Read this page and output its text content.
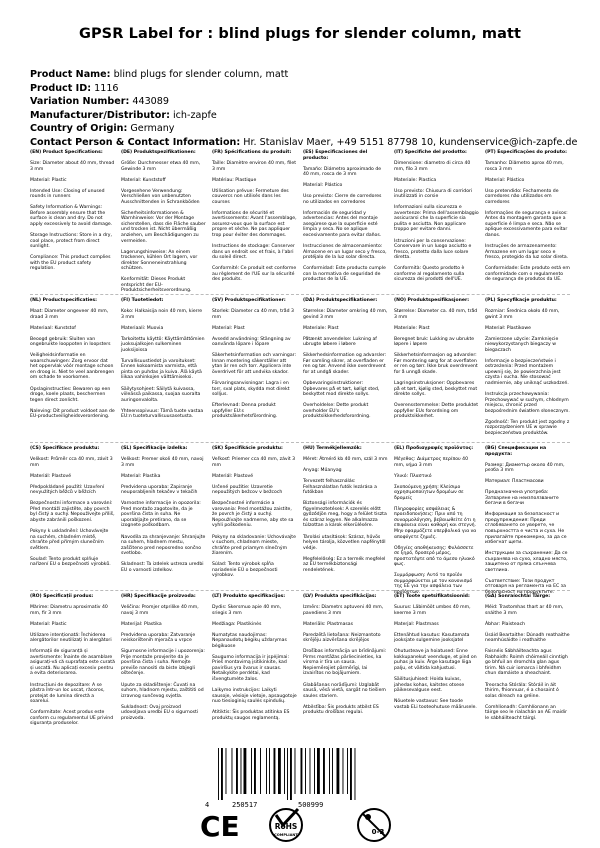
GPSR Label for : blind plugs for slender column, matt
Product Name: blind plugs for slender column, matt
Product ID: 1116
Variation Number: 443089
Manufacturer/Distributor: ich-zapfe
Country of Origin: Germany
Contact Person & Contact Information: Hr. Stanislav Maer, +49 5151 87798 10, kundenservice@ich-zapfe.de
(EN) Product Specifications:

Size: Diameter about 40 mm, thread 3 mm

Material: Plastic

Intended Use: Closing of unused rounds in runners

Safety Information & Warnings: Before assembly ensure that the surface is clean and dry. Do not apply excessively to avoid damage.

Storage Instructions: Store in a dry, cool place, protect from direct sunlight.

Compliance: This product complies with the EU product safety regulation.

(DE) Produktspezifikationen:

Größe: Durchmesser etwa 40 mm, Gewinde 3 mm

Material: Kunststoff

Vorgesehene Verwendung: Verschließen von unbenutzten Ausschnittenden in Schrankböden

Sicherheitsinformationen & Warnhinweise: Vor der Montage sicherstellen, dass die Fläche sauber und trocken ist. Nicht übermäßig anziehen, um Beschädigungen zu vermeiden.

Lagerungshinweise: An einem trockenen, kühlen Ort lagern, vor direkter Sonneneinstrahlung schützen.

Konformität: Dieses Produkt entspricht der EU-Produktsicherheitsverordnung.

(FR) Spécifications du produit:

Taille: Diamètre environ 40 mm, filet 3 mm

Matériau: Plastique

Utilisation prévue: Fermeture des couvercs non utilisés dans les courses

Informations de sécurité et avertissements: Avant l'assemblage, assurez-vous que la surface est propre et sèche. Ne pas appliquer trop pour éviter des dommages.

Instructions de stockage: Conserver dans un endroit sec et frais, à l'abri du soleil direct.

Conformité: Ce produit est conforme au règlement de l'UE sur la sécurité des produits.

(ES) Especificaciones del producto:

Tamaño: Diámetro aproximado de 40 mm, rosca de 3 mm

Material: Plástico

Uso previsto: Cierre de corredores no utilizados en corredores

Información de seguridad y advertencias: Antes del montaje asegúrese que la superficie esté limpia y seca. No se aplique excesivamente para evitar daños.

Instrucciones de almacenamiento: Almacene en un lugar seco y fresco, protéjalo de la luz solar directa.

Conformidad: Este producto cumple con la normativa de seguridad de productos de la UE.

(IT) Specifiche del prodotto:

Dimensione: diametro di circa 40 mm, filo 3 mm

Materiale: Plastica

Uso previsto: Chiusura di corridori inutilizzati in corsie

Informazioni sulla sicurezza e avvertenze: Prima dell'assemblaggio assicurarsi che la superficie sia pulita e asciutta. Non applicare troppo per evitare danni.

Istruzioni per la conservazione: Conservare in un luogo asciutto e fresco, protetto dalla luce solare diretta.

Conformità: Questo prodotto è conforme al regolamento sulla sicurezza dei prodotti dell'UE.

(PT) Especificações do produto:

Tamanho: Diâmetro aprox 40 mm, rosca 3 mm

Material: Plástico

Uso pretendido: Fechamento de corredores não utilizados em corredores

Informações de segurança e avisos: Antes da montagem garanta que a superfície é limpa e seca. Não se aplique excessivamente para evitar danos.

Instruções de armazenamento: Armazene em um lugar seco e fresco, protegido da luz solar direta.

Conformidade: Este produto está em conformidade com o regulamento de segurança de produtos da UE.

(NL) Productspecificaties:

Maat: Diameter ongeveer 40 mm, draad 3 mm

Materiaal: Kunststof

Beoogd gebruik: Sluiten van ongebruikte looppoten in loopsters

Veiligheidsinformatie en waarschuwingen: Zorg ervoor dat het oppervlak vóór montage schoon en droog is. Niet te veel aanbrengen om schade te voorkomen.

Opslaginstructies: Bewaren op een droge, koele plaats, beschermen tegen direct zonlicht.

Naleving: Dit product voldoet aan de EU-productveiligheidsverordening.

(FI) Tuotetiedot:

Koko: Halkaisija noin 40 mm, kierre 3 mm

Materiaali: Muovia

Tarkoitettu käyttö: Käyttämättömien juoksujalkojen sulkeminen juoksijoissa

Turvallisuustiedot ja varoitukset: Ennen kokoamista varmista, että pinta on puhdas ja kuiva. Älä käytä liikaa vahinkojen välttämiseksi.

Säilytysohjeet: Säilytä kuivassa, viileässä paikassa, suojaa suoralta auringonvalolta.

Yhteensopivuus: Tämä tuote vastaa EU:n tuoteturvallisuusasetusta.

(SV) Produktspecifikationer:

Storlek: Diameter ca 40 mm, tråd 3 mm

Material: Plast

Avsedd användning: Stängning av oanvända löpare i löpare

Säkerhetsinformation och varningar: Innan montering säkerställer att ytan är ren och torr. Applicera inte överdrivet för att undvika skador.

Förvaringsanvisningar: Lagra i en torr, sval plats, skydda mot direkt solljus.

Efterlevnad: Denna produkt uppfyller EU:s produktsäkerhetsförordning.

(DA) Produktspecifikationer:

Størrelse: Diameter omkring 40 mm, gevind 3 mm

Materiale: Plast

Påtænkt anvendelse: Lukning af ubrugte løbere i løbere

Sikkerhedsinformation og advarsler: Før samling sikrer, at overfladen er ren og tør. Anvend ikke overdrevent for at undgå skader.

Opbevaringsinstruktioner: Opbevares på et tørt, køligt sted, beskyttet mod direkte sollys.

Overholdelse: Dette produkt overholder EU's produktsikkerhedsforordning.

(NO) Produktspesifikasjoner:

Størrelse: Diameter ca. 40 mm, tråd 3 mm

Materiale: Plast

Beregnet bruk: Lukking av ubrukte løpere i løpere

Sikkerhetsinformasjon og advarsler: Før montering sørg for at overflaten er ren og tørr. Ikke bruk overdrevent for å unngå skade.

Lagringsinstruksjoner: Oppbevares på et tørt, kjølig sted, beskyttet mot direkte sollys.

Overensstemmelse: Dette produktet oppfyller EUs forordning om produktsikkerhet.

(PL) Specyfikacje produktu:

Rozmiar: Średnica około 40 mm, gwint 3 mm

Materiał: Plastikowe

Zamierzone użycie: Zamknięcie niewykorzystanych biegaczy w biegaczach

Informacje o bezpieczeństwie i ostrzeżenia: Przed montażem upewnij się, że powierzchnia jest czysta i sucha. Nie stosować nadmiernie, aby uniknąć uszkodzeń.

Instrukcja przechowywania: Przechowywać w suchym, chłodnym miejscu, chronić przed bezpośrednim światłem słonecznym.

Zgodność: Ten produkt jest zgodny z rozporządzeniem UE w sprawie bezpieczeństwa produktów.

(CS) Specifikace produktu:

Velikost: Průměr cca 40 mm, závit 3 mm

Materiál: Plastové

Předpokládané použití: Uzavření nevyužitých běžců v běžcích

Bezpečnostní informace a varování: Před montáží zajistěte, aby povrch byl čistý a suchý. Nepoužívejte příliš, abyste zabránili poškození.

Pokyny k uskladnění: Uchovávejte na suchém, chladném místě, chraňte před přímým slunečním světlem.

Soulad: Tento produkt splňuje nařízení EU o bezpečnosti výrobků.

(SL) Specifikacije izdelka:

Velikost: Premer okoli 40 mm, navoj 3 mm

Material: Plastika

Predvidena uporaba: Zapiranje neuporabljenih tekačev v tekačih

Varnostne informacije in opozorila: Pred montažo zagotovite, da je površina čista in suha. Ne uporabljajte pretirano, da se izognete poškodbam.

Navodila za shranjevanje: Shranjujte na suhem, hladnem mestu, zaščiteno pred neposredno sončno svetlobo.

Skladnost: Ta izdelek ustreza uredbi EU o varnosti izdelkov.

(SK) Špecifikácie produktu:

Veľkosť: Priemer cca 40 mm, závit 3 mm

Materiál: Plastové

Určené použitie: Uzavretie nepoužitých bežcov v bežcoch

Bezpečnostné informácie a varovania: Pred montážou zaistite, že povrch je čistý a suchý. Nepoužívajte nadmerne, aby ste sa vyhli poškodeniu.

Pokyny na skladovanie: Uchovávajte v suchom, chladnom mieste, chráňte pred priamym slnečným žiarením.

Súlad: Tento výrobok spĺňa nariadenie EÚ o bezpečnosti výrobkov.

(HU) Termékjellemzők:

Méret: Átmérő kb 40 mm, szál 3 mm

Anyag: Műanyag

Tervezett felhasználás: Felhasználatlan futók lezárása a futókban

Biztonsági információk és figyelmeztetések: A szerelés előtt győződjön meg, hogy a felület tiszta és száraz legyen. Ne alkalmazza túlzottan a károk elkerülésére.

Tárolási utasítások: Száraz, hűvös helyen tárolja, közvetlen napfénytől védje.

Megfelelőség: Ez a termék megfelel az EU termékbiztonsági rendeletének.

(EL) Προδιαγραφές προϊόντος:

Μέγεθος: Διάμετρος περίπου 40 mm, νήμα 3 mm

Υλικό: Πλαστικό

Σκοπούμενη χρήση: Κλείσιμο αχρησιμοποίητων δρομέων σε δρομείς

Πληροφορίες ασφάλειας & προειδοποιήσεις: Πριν από τη συναρμολόγηση, βεβαιωθείτε ότι η επιφάνεια είναι καθαρή και στεγνή. Μην εφαρμόζετε υπερβολικά για να αποφύγετε ζημιές.

Οδηγίες αποθήκευσης: Φυλάσσετε σε ξηρό, δροσερό μέρος, προστατέψτε από το άμεσο ηλιακό φως.

Συμμόρφωση: Αυτό το προϊόν συμμορφώνεται με τον κανονισμό της ΕΕ για την ασφάλεια των προϊόντων.

(BG) Спецификации на продукта:

Размер: Диаметър около 40 mm, резба 3 mm

Материал: Пластмасови

Предназначена употреба: Затваряне на неизползваните бегачи в бегачи

Информация за безопасност и предупреждения: Преди сглобяването се уверете, че повърхността е чиста и суха. Не прилагайте прекомерно, за да се избегнат щети.

Инструкции за съхранение: Да се съхранява на сухо, хладно място, защитено от пряка слънчева светлина.

Съответствие: Този продукт отговаря на регламента на ЕС за безопасност на продуктите.

(RO) Specificații produs:

Mărime: Diametru aproximativ 40 mm, fir 3 mm

Material: Plastic

Utilizare intenționată: Închiderea alergătorilor neutilizați în alergători

Informații de siguranță și avertismente: Înainte de asamblare asigurați-vă că suprafața este curată și uscată. Nu aplicați excesiv pentru a evita deteriorarea.

Instrucțiuni de depozitare: A se păstra într-un loc uscat, răcoros, protejat de lumina directă a soarelui.

Conformitate: Acest produs este conform cu regulamentul UE privind siguranța produselor.

(HR) Specifikacije proizvoda:

Veličina: Promjer otprilike 40 mm, navoj 3 mm

Materijal: Plastika

Predviđena uporaba: Zatvaranje neiskorištenih mjerača u vrpce

Sigurnosne informacije i upozorenja: Prije montaže provjerite da je površina čista i suha. Nemojte previše nanositi da biste izbjegli oštećenje.

Upute za skladištenje: Čuvati na suhom, hladnom mjestu, zaštititi od izravnog sunčevog svjetla.

Sukladnost: Ovaj proizvod udovoljava uredbi EU o sigurnosti proizvoda.

(LT) Produkto specifikacijos:

Dydis: Skersmuo apie 40 mm, sriegis 3 mm

Medžiaga: Plastikinės

Numatytas naudojimas: Nepanaudotų bėgikų uždarymas bėgikuose

Saugumo informacija ir įspėjimai: Prieš montavimą įsitikinkite, kad paviršius yra švarus ir sausas. Netaikykite perdėtai, kad išvengtumėte žalos.

Laikymo instrukcijos: Laikyti sausoje, vėsioje vietoje, apsaugotoje nuo tiesioginių saulės spindulių.

Atitiktis: Šis produktas atitinka ES produktų saugos reglamentą.

(LV) Produkta specifikācijas:

Izmērs: Diametrs aptuveni 40 mm, pavediens 3 mm

Materiāls: Plastmasas

Paredzētā lietošana: Neizmantoto skrējēju aizvēršana skrējējos

Drošības informācija un brīdinājumi: Pirms montāžas pārliecinieties, ka virsma ir tīra un sausa. Nepiemērojiet pārmērīgi, lai izvairītos no bojājumiem.

Glabāšanas norādījumi: Uzglabāt sausā, vēsā vietā, sargāt no tiešiem saules stariem.

Atbilstība: Šis produkts atbilst ES produktu drošības regulai.

(ET) Toote spetsifikatsioonid:

Suurus: Läbimõõt umbes 40 mm, keerme 3 mm

Materjal: Plastmass

Ettenähtud kasutus: Kasutamata jooksjate sulgemine jooksjatel

Ohutusteave ja hoiatused: Enne kokkupanekut veenduge, et pind on puhas ja kuiv. Ärge kasutage liiga palju, et vältida kahjustusi.

Säilitusjuhised: Hoida kuivas, jahedas kohas, kaitstes otsese päikesevalguse eest.

Nõuetele vastavus: See toode vastab ELi tooteohutuse määrusele.

(GA) Sonraíochtaí Táirge:

Méid: Trastomhas thart ar 40 mm, snáithe 3 mm

Ábhar: Plaisteach

Úsáid Beartaithe: Dúnadh reathaithe neamhúsáidte i reathaithe

Faisnéis Sábháilteachta agus Rabhaidh: Roimh chóimeáil cinntigh go bhfuil an dromchla glan agus tirim. Ná cuir iomarca i bhfeidhm chun damáiste a sheachaint.

Treoracha Stórála: Stóráil in áit thirim, fhionnuar, é a chosaint ó solas díreach na gréine.

Comhlíonadh: Comhlíonann an táirge seo le rialachán an AE maidir le sábháilteacht táirgí.

4	250517	500999
CE	RoHS
COMPLIANT	0-3
